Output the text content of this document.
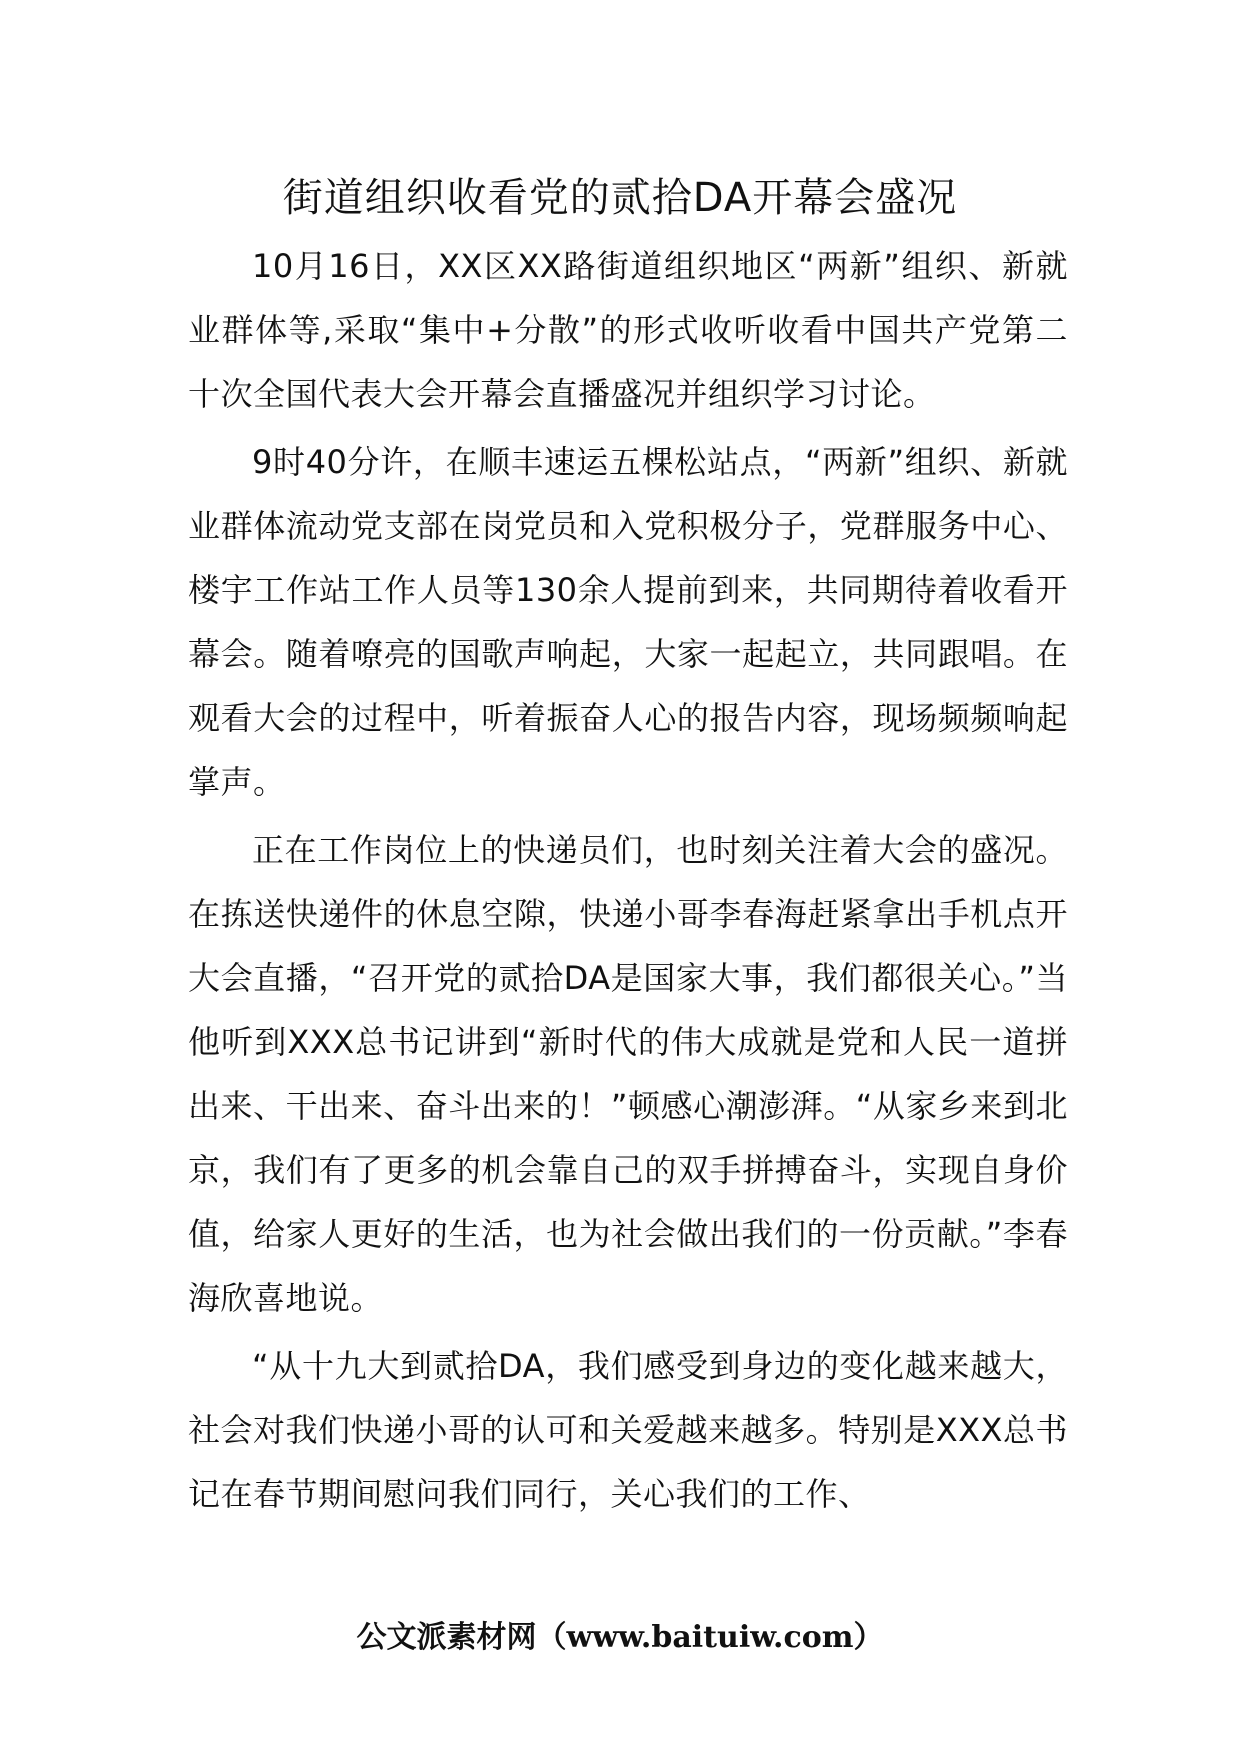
街道组织收看党的贰拾DA开幕会盛况

10月16日，XX区XX路街道组织地区“两新”组织、新就业群体等,采取“集中+分散”的形式收听收看中国共产党第二十次全国代表大会开幕会直播盛况并组织学习讨论。

9时40分许，在顺丰速运五棵松站点，“两新”组织、新就业群体流动党支部在岗党员和入党积极分子，党群服务中心、楼宇工作站工作人员等130余人提前到来，共同期待着收看开幕会。随着嘹亮的国歌声响起，大家一起起立，共同跟唱。在观看大会的过程中，听着振奋人心的报告内容，现场频频响起掌声。

正在工作岗位上的快递员们，也时刻关注着大会的盛况。在拣送快递件的休息空隙，快递小哥李春海赶紧拿出手机点开大会直播，“召开党的贰拾DA是国家大事，我们都很关心。”当他听到XXX总书记讲到“新时代的伟大成就是党和人民一道拼出来、干出来、奋斗出来的！”顿感心潮澎湃。“从家乡来到北京，我们有了更多的机会靠自己的双手拼搏奋斗，实现自身价值，给家人更好的生活，也为社会做出我们的一份贡献。”李春海欣喜地说。

“从十九大到贰拾DA，我们感受到身边的变化越来越大，社会对我们快递小哥的认可和关爱越来越多。特别是XXX总书记在春节期间慰问我们同行，关心我们的工作、

公文派素材网（www.baituiw.com）
